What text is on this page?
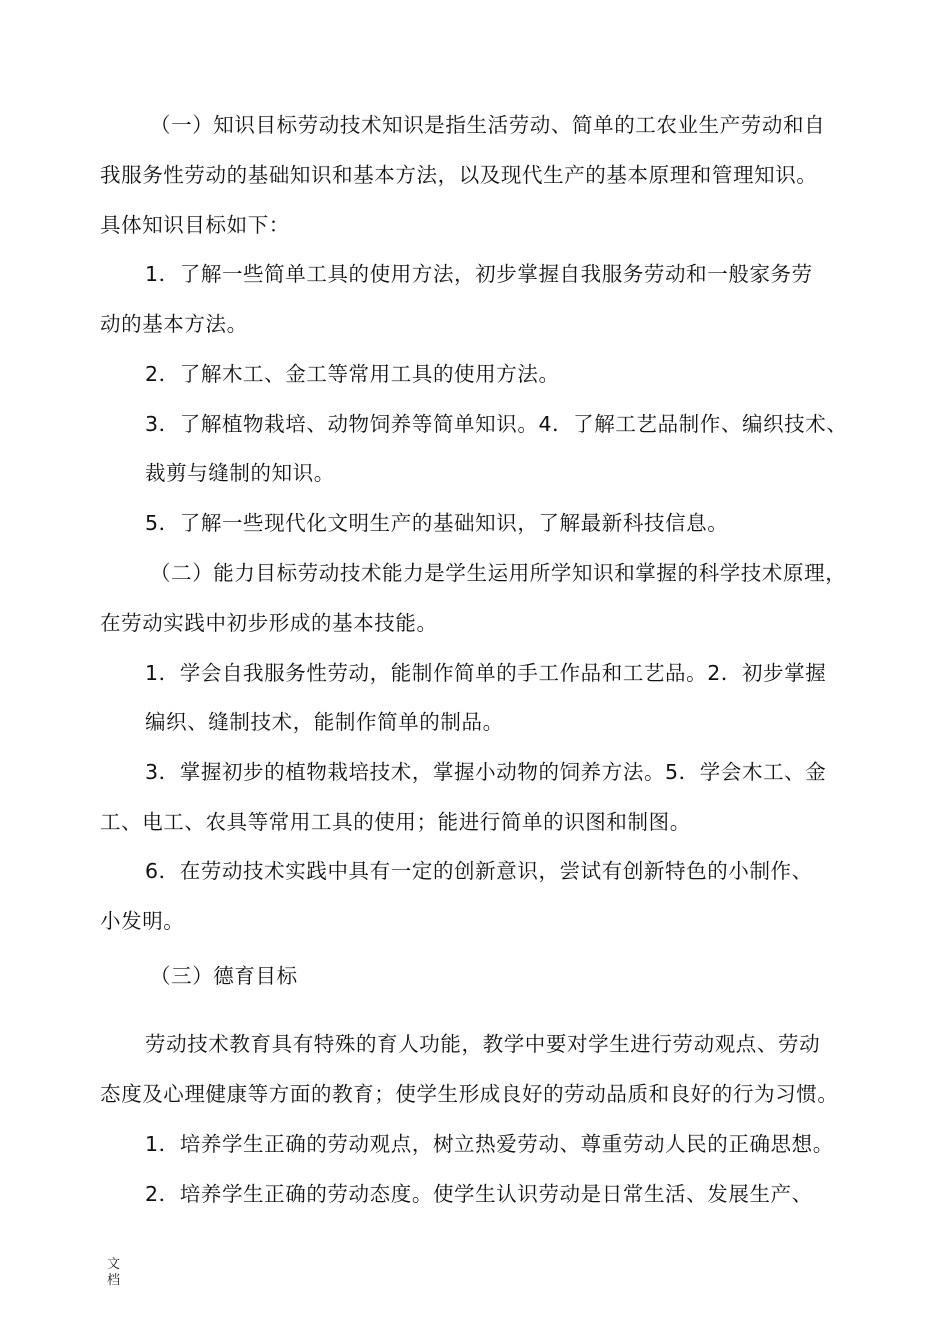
（一）知识目标劳动技术知识是指生活劳动、简单的工农业生产劳动和自
我服务性劳动的基础知识和基本方法，以及现代生产的基本原理和管理知识。
具体知识目标如下：
1．了解一些简单工具的使用方法，初步掌握自我服务劳动和一般家务劳
动的基本方法。
2．了解木工、金工等常用工具的使用方法。
3．了解植物栽培、动物饲养等简单知识。4．了解工艺品制作、编织技术、
裁剪与缝制的知识。
5．了解一些现代化文明生产的基础知识，了解最新科技信息。
（二）能力目标劳动技术能力是学生运用所学知识和掌握的科学技术原理，
在劳动实践中初步形成的基本技能。
1．学会自我服务性劳动，能制作简单的手工作品和工艺品。2．初步掌握
编织、缝制技术，能制作简单的制品。
3．掌握初步的植物栽培技术，掌握小动物的饲养方法。5．学会木工、金
工、电工、农具等常用工具的使用；能进行简单的识图和制图。
6．在劳动技术实践中具有一定的创新意识，尝试有创新特色的小制作、
小发明。
（三）德育目标
劳动技术教育具有特殊的育人功能，教学中要对学生进行劳动观点、劳动
态度及心理健康等方面的教育；使学生形成良好的劳动品质和良好的行为习惯。
1．培养学生正确的劳动观点，树立热爱劳动、尊重劳动人民的正确思想。
2．培养学生正确的劳动态度。使学生认识劳动是日常生活、发展生产、
文
档
